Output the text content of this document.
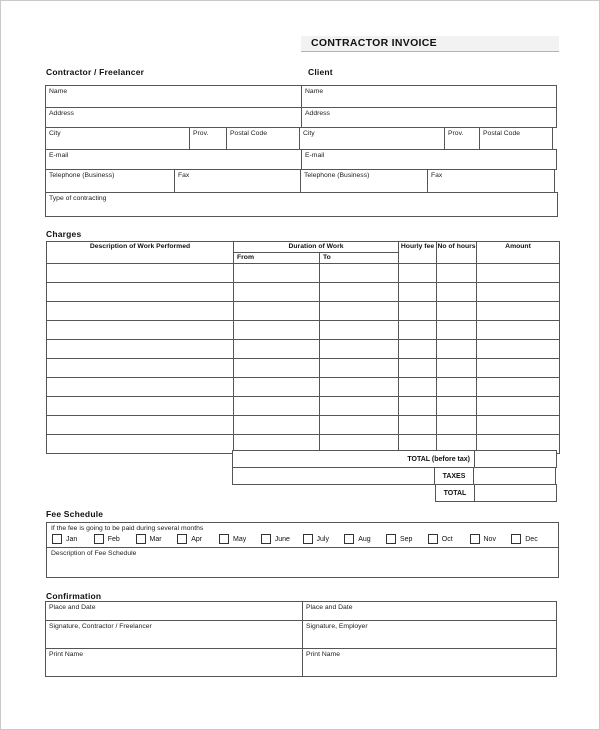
CONTRACTOR INVOICE
Contractor / Freelancer	Client
Name	Name
Address	Address
City	Prov.	Postal Code	City	Prov.	Postal Code
E-mail	E-mail
Telephone (Business)	Fax	Telephone (Business)	Fax
Type of contracting
Charges
Description of Work Performed	Duration of Work		Hourly fee	No of hours	Amount
	From	To			

TOTAL (before tax)
TAXES
TOTAL
Fee Schedule
If the fee is going to be paid during several months
Jan	Feb	Mar	Apr	May	June	July	Aug	Sep	Oct	Nov	Dec
Description of Fee Schedule
Confirmation
Place and Date	Place and Date
Signature, Contractor / Freelancer	Signature, Employer
Print Name	Print Name
